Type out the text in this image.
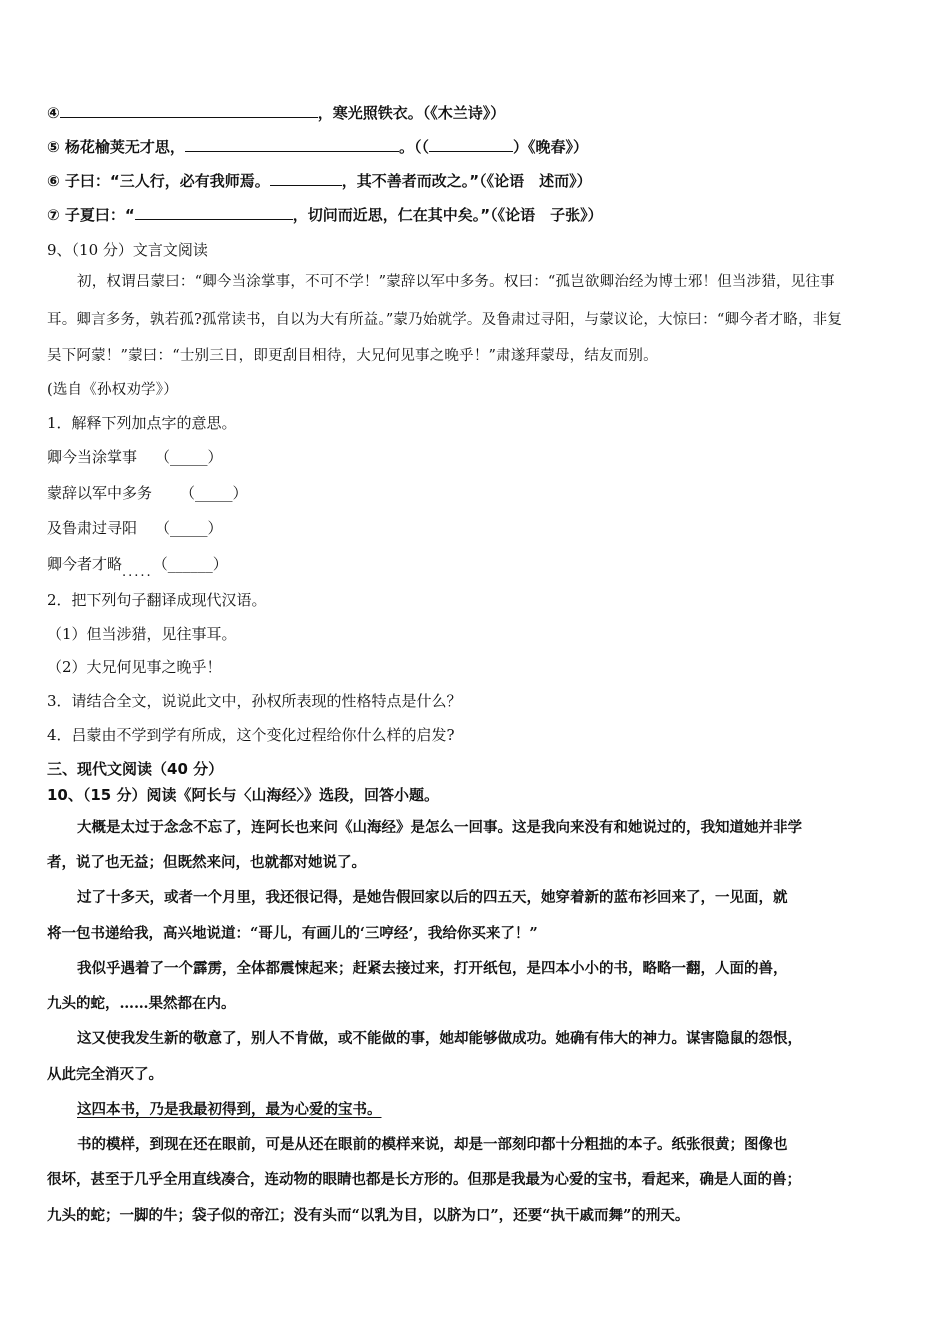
④	，寒光照铁衣。（《木兰诗》）
⑤ 杨花榆荚无才思，	。（（	）《晚春》）
⑥ 子曰：“三人行，必有我师焉。	，其不善者而改之。”（《论语　述而》）
⑦ 子夏曰：“	，切问而近思，仁在其中矣。”（《论语　子张》）
9、（10 分）文言文阅读
初，权谓吕蒙曰：“卿今当涂掌事，不可不学！”蒙辞以军中多务。权曰：“孤岂欲卿治经为博士邪！但当涉猎，见往事
耳。卿言多务，孰若孤?孤常读书，自以为大有所益。”蒙乃始就学。及鲁肃过寻阳，与蒙议论，大惊曰：“卿今者才略，非复
吴下阿蒙！”蒙曰：“士别三日，即更刮目相待，大兄何见事之晚乎！”肃遂拜蒙母，结友而别。
(选自《孙权劝学》）
1．解释下列加点字的意思。
卿今当涂掌事 （_____）
蒙辞以军中多务 （_____）
及鲁肃过寻阳 （_____）
卿今者才略.....（______）
2．把下列句子翻译成现代汉语。
（1）但当涉猎，见往事耳。
（2）大兄何见事之晚乎！
3．请结合全文，说说此文中，孙权所表现的性格特点是什么？
4．吕蒙由不学到学有所成，这个变化过程给你什么样的启发?
三、现代文阅读（40 分）
10、（15 分）阅读《阿长与〈山海经〉》选段，回答小题。
大概是太过于念念不忘了，连阿长也来问《山海经》是怎么一回事。这是我向来没有和她说过的，我知道她并非学
者，说了也无益；但既然来问，也就都对她说了。
过了十多天，或者一个月里，我还很记得，是她告假回家以后的四五天，她穿着新的蓝布衫回来了，一见面，就
将一包书递给我，高兴地说道：“哥儿，有画儿的‘三哼经’，我给你买来了！”
我似乎遇着了一个霹雳，全体都震悚起来；赶紧去接过来，打开纸包，是四本小小的书，略略一翻，人面的兽，
九头的蛇，……果然都在内。
这又使我发生新的敬意了，别人不肯做，或不能做的事，她却能够做成功。她确有伟大的神力。谋害隐鼠的怨恨，
从此完全消灭了。
这四本书，乃是我最初得到，最为心爱的宝书。
书的模样，到现在还在眼前，可是从还在眼前的模样来说，却是一部刻印都十分粗拙的本子。纸张很黄；图像也
很坏，甚至于几乎全用直线凑合，连动物的眼睛也都是长方形的。但那是我最为心爱的宝书，看起来，确是人面的兽；
九头的蛇；一脚的牛；袋子似的帝江；没有头而“以乳为目，以脐为口”，还要“执干戚而舞”的刑天。
